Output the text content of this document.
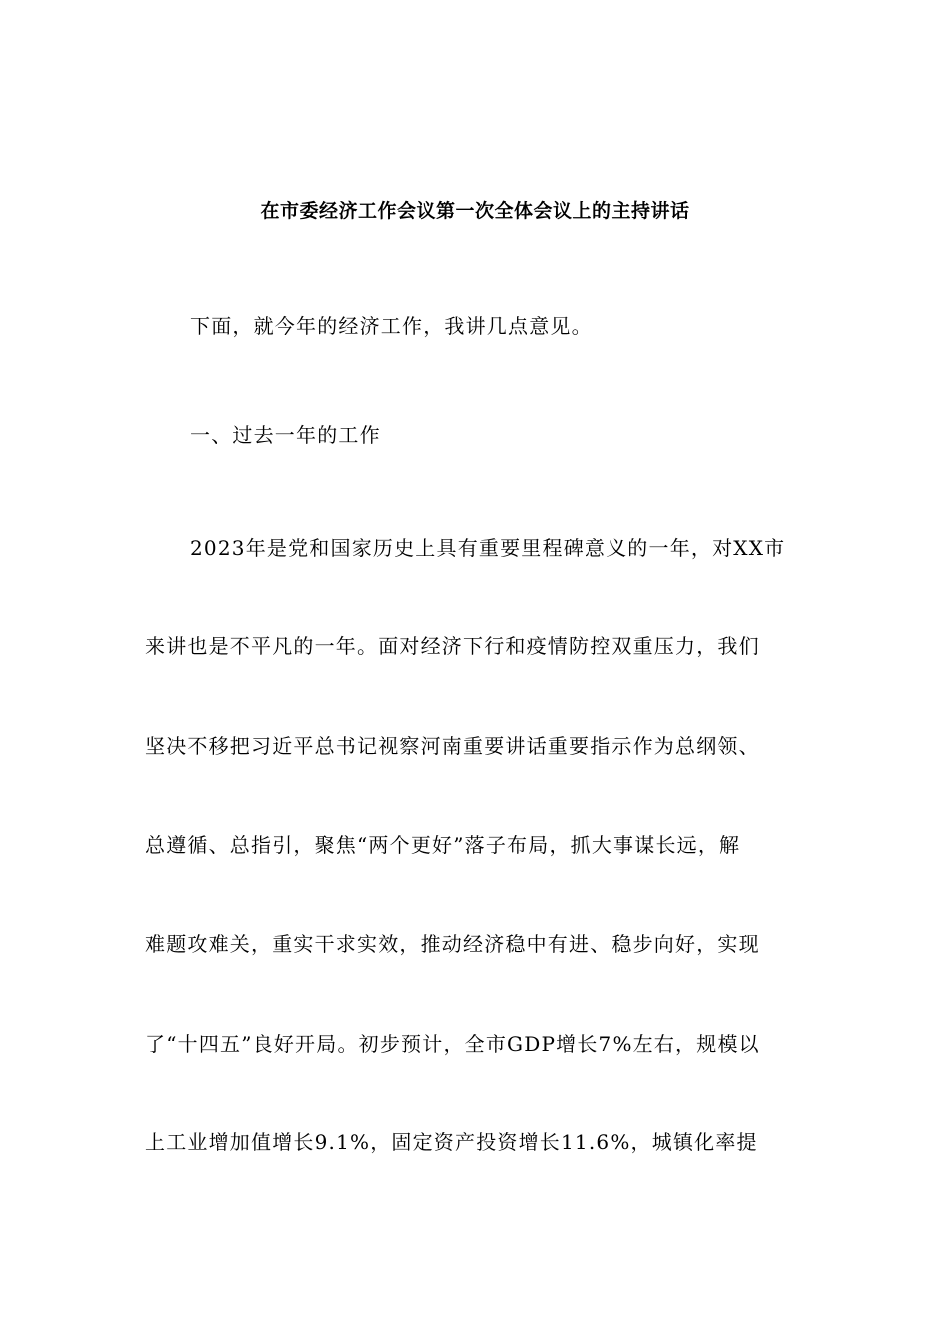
在市委经济工作会议第一次全体会议上的主持讲话
下面，就今年的经济工作，我讲几点意见。
一、过去一年的工作
2023年是党和国家历史上具有重要里程碑意义的一年，对XX市
来讲也是不平凡的一年。面对经济下行和疫情防控双重压力，我们
坚决不移把习近平总书记视察河南重要讲话重要指示作为总纲领、
总遵循、总指引，聚焦“两个更好”落子布局，抓大事谋长远，解
难题攻难关，重实干求实效，推动经济稳中有进、稳步向好，实现
了“十四五”良好开局。初步预计，全市GDP增长7%左右，规模以
上工业增加值增长9.1%，固定资产投资增长11.6%，城镇化率提
